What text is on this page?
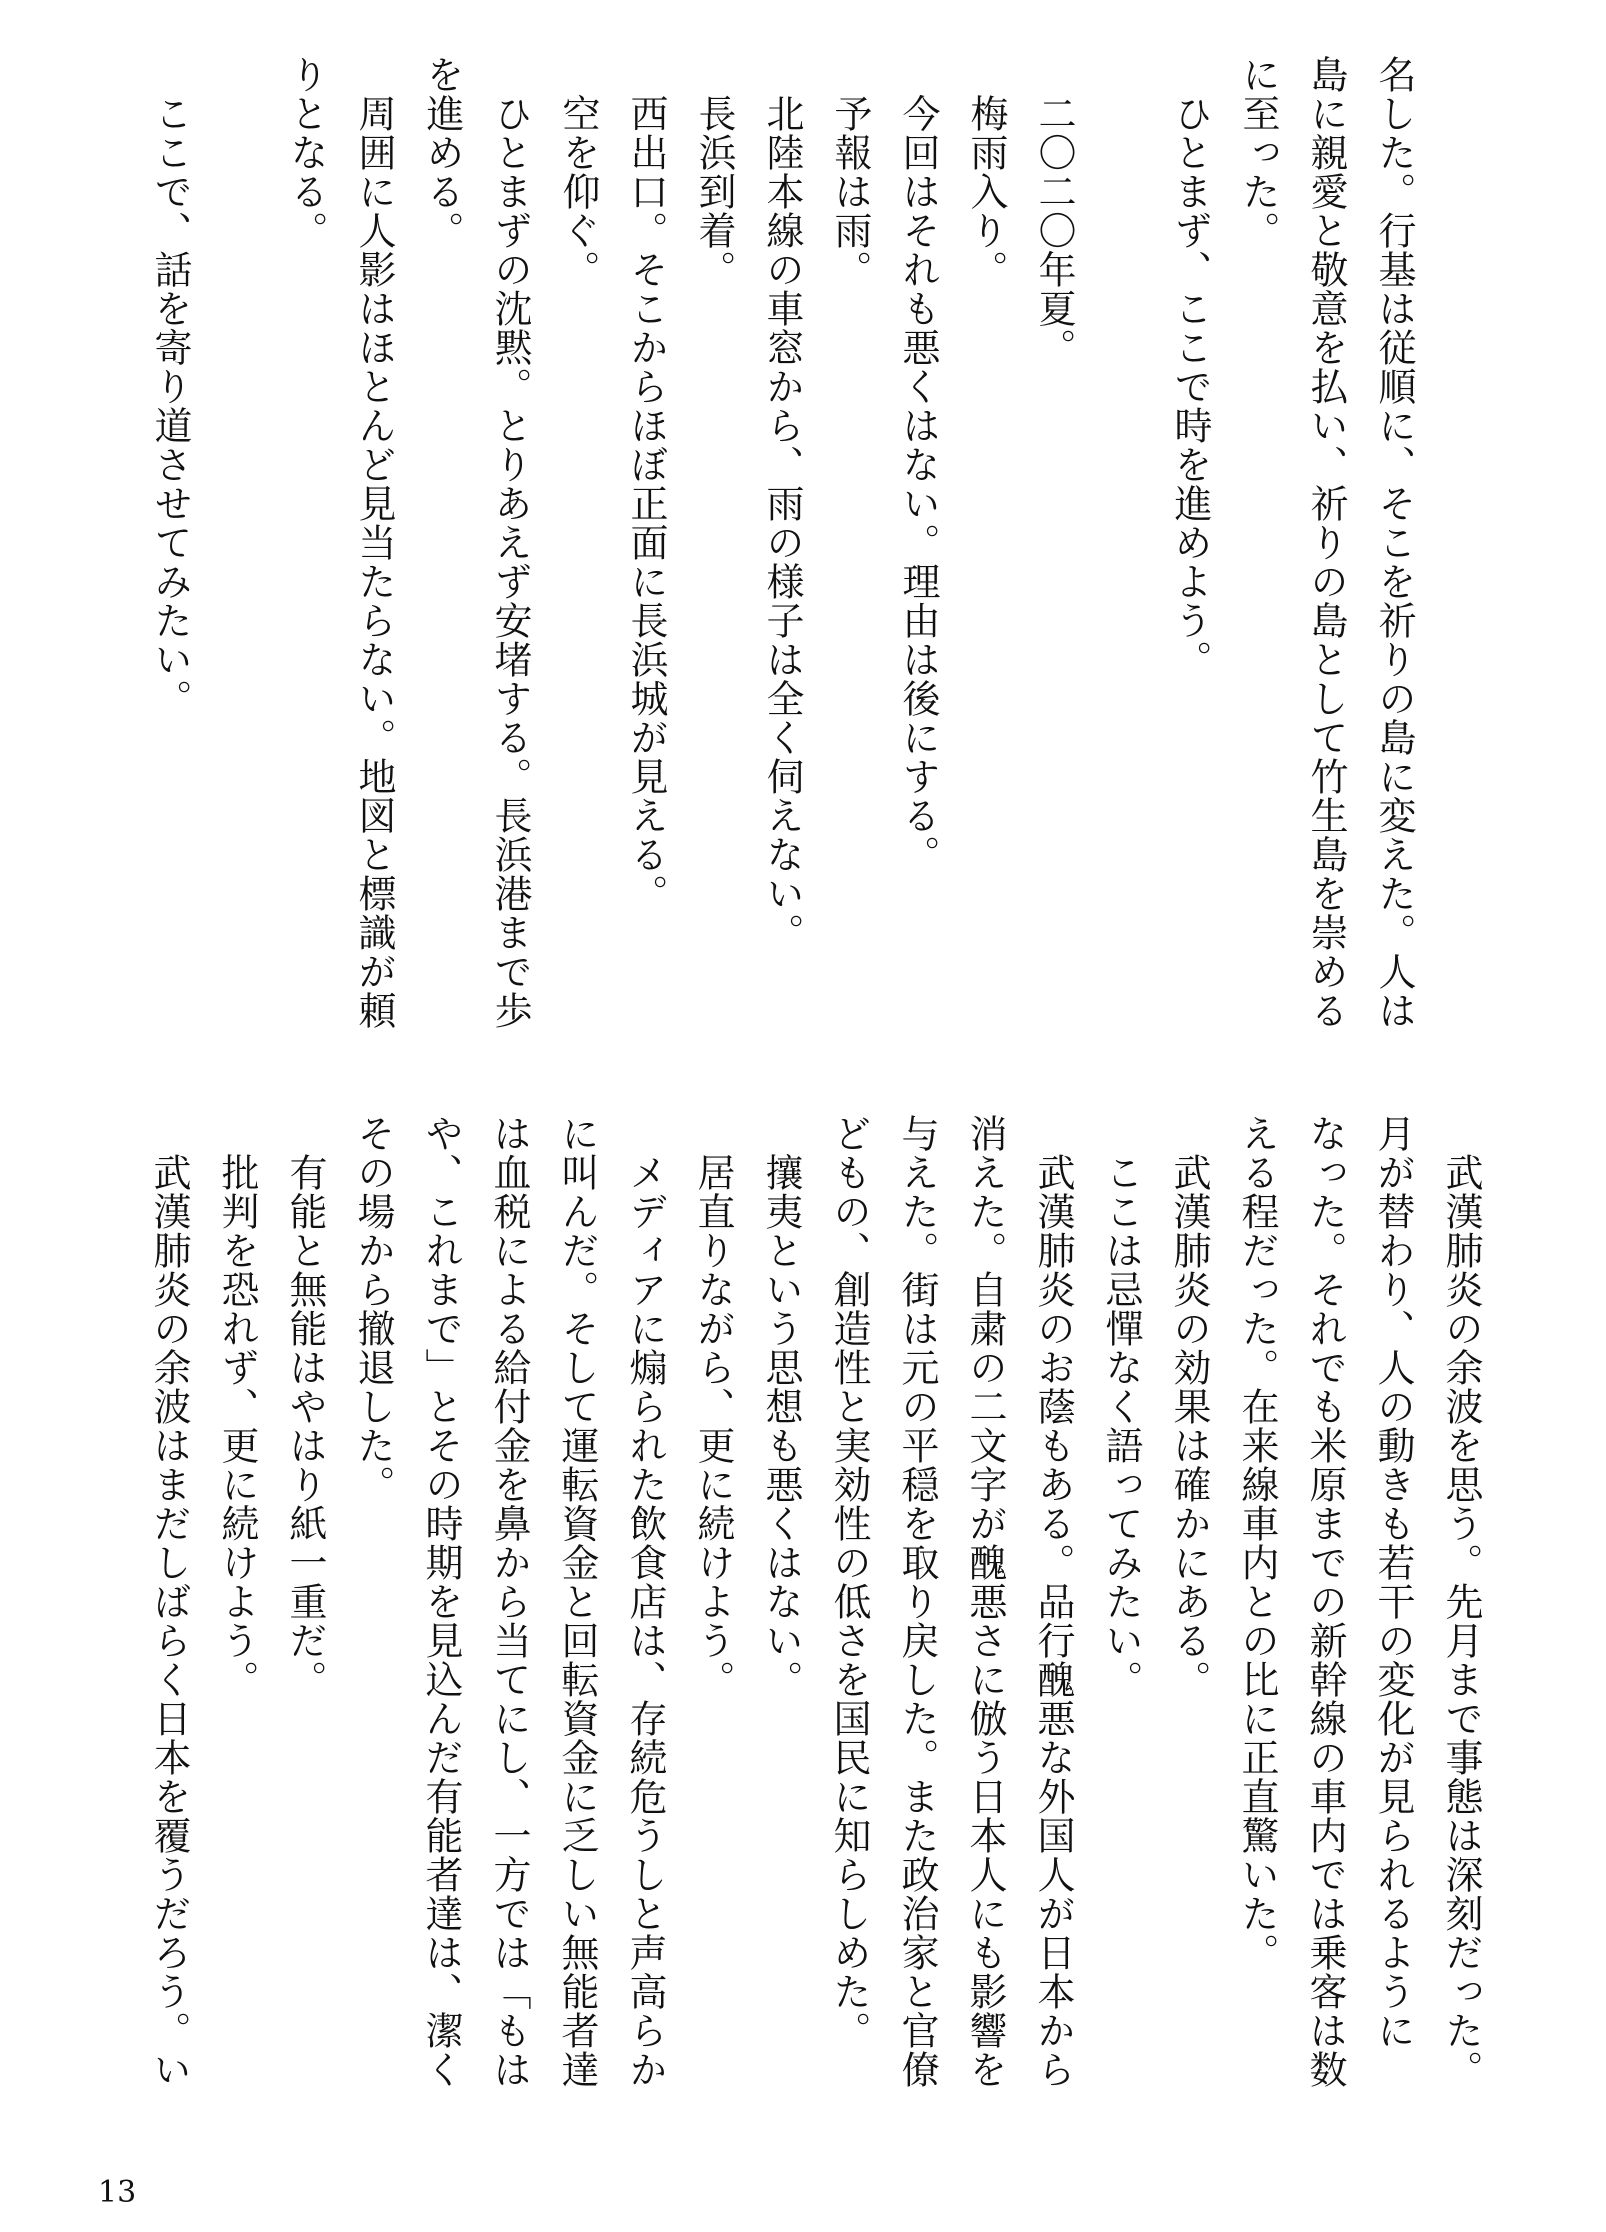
名した。行基は従順に、そこを祈りの島に変えた。人は
島に親愛と敬意を払い、祈りの島として竹生島を崇める
に至った。
　ひとまず、ここで時を進めよう。

　二〇二〇年夏。
　梅雨入り。
　今回はそれも悪くはない。理由は後にする。
　予報は雨。
　北陸本線の車窓から、雨の様子は全く伺えない。
　長浜到着。
　西出口。そこからほぼ正面に長浜城が見える。
　空を仰ぐ。
　ひとまずの沈黙。とりあえず安堵する。長浜港まで歩
を進める。
　周囲に人影はほとんど見当たらない。地図と標識が頼
りとなる。

　ここで、話を寄り道させてみたい。
　武漢肺炎の余波を思う。先月まで事態は深刻だった。
月が替わり、人の動きも若干の変化が見られるように
なった。それでも米原までの新幹線の車内では乗客は数
える程だった。在来線車内との比に正直驚いた。
　武漢肺炎の効果は確かにある。
　ここは忌憚なく語ってみたい。
　武漢肺炎のお蔭もある。品行醜悪な外国人が日本から
消えた。自粛の二文字が醜悪さに倣う日本人にも影響を
与えた。街は元の平穏を取り戻した。また政治家と官僚
どもの、創造性と実効性の低さを国民に知らしめた。
　攘夷という思想も悪くはない。
　居直りながら、更に続けよう。
　メディアに煽られた飲食店は、存続危うしと声高らか
に叫んだ。そして運転資金と回転資金に乏しい無能者達
は血税による給付金を鼻から当てにし、一方では「もは
や、これまで」とその時期を見込んだ有能者達は、潔く
その場から撤退した。
　有能と無能はやはり紙一重だ。
　批判を恐れず、更に続けよう。
　武漢肺炎の余波はまだしばらく日本を覆うだろう。い
13
